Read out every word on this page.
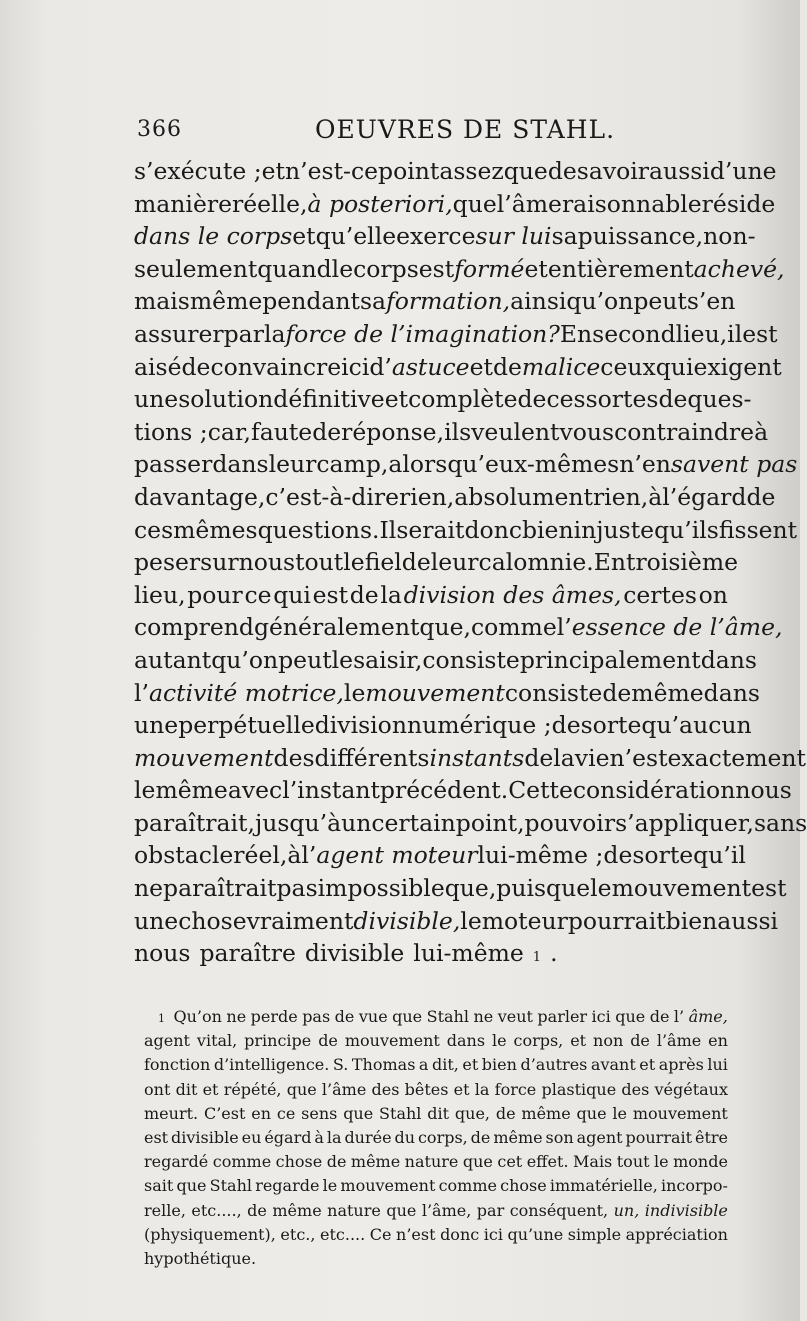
366	OEUVRES DE STAHL.
s’exécute ; et n’est-ce point assez que de savoir aussi d’une
manière réelle, à posteriori, que l’âme raisonnable réside
dans le corps et qu’elle exerce sur lui sa puissance, non-
seulement quand le corps est formé et entièrement achevé,
mais même pendant sa formation, ainsi qu’on peut s’en
assurer par la force de l’imagination? En second lieu, il est
aisé de convaincre ici d’ astuce et de malice ceux qui exigent
une solution définitive et complète de ces sortes de ques-
tions ; car, faute de réponse, ils veulent vous contraindre à
passer dans leur camp, alors qu’eux-mêmes n’en savent pas
davantage, c’est-à-dire rien, absolument rien, à l’égard de
ces mêmes questions. Il serait donc bien injuste qu’ils fissent
peser sur nous tout le fiel de leur calomnie. En troisième
lieu, pour ce qui est de la division des âmes, certes on
comprend généralement que, comme l’ essence de l’âme,
autant qu’on peut le saisir, consiste principalement dans
l’ activité motrice, le mouvement consiste de même dans
une perpétuelle division numérique ; de sorte qu’aucun
mouvement des différents instants de la vie n’est exactement
le même avec l’instant précédent. Cette considération nous
paraîtrait, jusqu’à un certain point, pouvoir s’appliquer, sans
obstacle réel, à l’ agent moteur lui-même ; de sorte qu’il
ne paraîtrait pas impossible que, puisque le mouvement est
une chose vraiment divisible, le moteur pourrait bien aussi
nous paraître divisible lui-même 1 .
1 Qu’on ne perde pas de vue que Stahl ne veut parler ici que de l’ âme,
agent vital, principe de mouvement dans le corps, et non de l’âme en
fonction d’intelligence. S. Thomas a dit, et bien d’autres avant et après lui
ont dit et répété, que l’âme des bêtes et la force plastique des végétaux
meurt. C’est en ce sens que Stahl dit que, de même que le mouvement
est divisible eu égard à la durée du corps, de même son agent pourrait être
regardé comme chose de même nature que cet effet. Mais tout le monde
sait que Stahl regarde le mouvement comme chose immatérielle, incorpo-
relle, etc...., de même nature que l’âme, par conséquent, un, indivisible
(physiquement), etc., etc.... Ce n’est donc ici qu’une simple appréciation
hypothétique.
